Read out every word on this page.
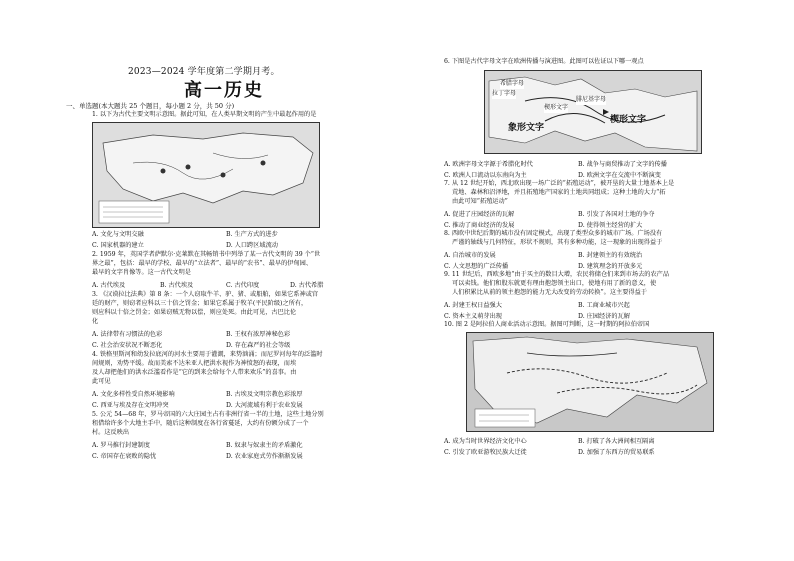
2023—2024 学年度第二学期月考。
高一历史
一、单选题(本大题共 25 个题目，每小题 2 分，共 50 分)
1. 以下为古代主要文明示意图。据此可知，在人类早期文明的产生中最起作用的是
A. 文化与文明交融	B. 生产方式的进步
C. 国家机器的建立	D. 人口跨区域流动
2. 1959 年，英国学者萨默尔·克莱默在其畅销书中列举了某一古代文明的 39 个“世
界之最”，包括：最早的学校、最早的“立法者”、最早的“农书”、最早的伊甸园、
最早的文字肖像等。这一古代文明是
A. 古代埃及	B. 古代埃及	C. 古代印度	D. 古代希腊
3. 《汉谟拉比法典》第 8 条：一个人窃取牛羊、驴、猪、或船舶，如果它系神或宫
廷的财产，则窃者应科以三十倍之罚金；如果它系属于牧羊(平民阶级)之所有，
则应科以十倍之罚金；如果窃贼无物以偿，则应处死。由此可见，古巴比伦
化
A. 法律带有习惯法的色彩	B. 王权有浓厚神秘色彩
C. 社会治安状况不断恶化	D. 存在森严的社会等级
4. 铁格里斯河和幼发拉底河的河水主要用于灌溉，来势汹涌；而尼罗河每年的泛滥时
间规则，劝势平缓。故而美索不达米亚人把洪水视作为神愤怒的表现，而埃
及人却把他们的洪水泛滥看作是“它的到来会给每个人带来欢乐”的喜事。由
此可见
A. 文化多样性受自然环境影响	B. 古埃及文明宗教色彩浓厚
C. 西亚与埃及存在文明冲突	D. 大河流域有利于农业发展
5. 公元 54—68 年，罗马帝国的六大庄园主占有非洲行省一半的土地，这些土地分别
租借给许多个大地主手中，随后这种制度在各行省蔓延，大约有份额分成了一个
村。这反映出
A. 罗马推行封建制度	B. 奴隶与奴隶主的矛盾激化
C. 帝国存在衰败的隐忧	D. 农业家庭式劳作渐渐发展
6. 下图是古代字母文字在欧洲传播与演进图。此图可以佐证以下哪一观点
希腊字母
拉丁字母
腓尼基字母
楔形文字
象形文字
楔形文字
A. 欧洲字母文字源于希腊化时代	B. 战争与商贸推动了文字的传播
C. 欧洲人口流动以东南向为主	D. 欧洲文字在交流中不断演变
7. 从 12 世纪开始，西北欧出现一场广泛的“拓殖运动”，被开垦的大量土地基本上是
荒地、森林和沼泽地，并且拓殖地产国家的土地共同组成；这种土地的大力“拓
由此可知“拓殖运动”
A. 促进了庄园经济的瓦解	B. 引发了各国对土地的争夺
C. 推动了商业经济的发展	D. 使得领主经营的扩大
8. 西欧中世纪后期的城市没有固定模式，出现了类型众多的城市广场。广场没有
严谨的轴线与几何特征，形状不规则，其有多种功能，这一现象的出现得益于
A. 自治城市的发展	B. 封建领主的有效统治
C. 人文思想的广泛传播	D. 建筑理念的开放多元
9. 11 世纪后，西欧多地“由于买主的数目大增，农民将储仓们来到市场去的农产品
可以卖钱。他们和股东就更有理由抱怨领主出口，使地有用了新的意义，使
人们积累比从前的领主抱怨的能力无大改变的劳动转换”。这主要得益于
A. 封建王权日益强大	B. 工商业城市兴起
C. 资本主义萌芽出现	D. 庄园经济的瓦解
10. 图 2 是阿拉伯人商业活动示意图。据图可判断，这一时期的阿拉伯帝国
A. 成为当时世界经济文化中心	B. 打破了各大洲间相互隔离
C. 引发了欧亚游牧民族大迁徙	D. 加强了东西方的贸易联系
